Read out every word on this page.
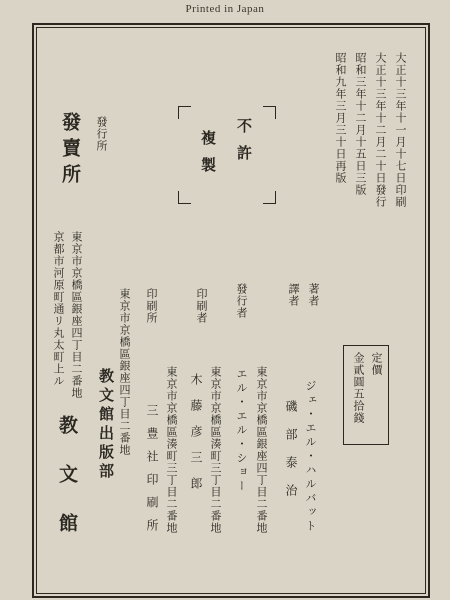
Printed in Japan
大正十三年十一月十七日印刷
大正十三年十二月二十日發行
昭和三年十二月十五日三版
昭和九年三月三十日再版
不許
複製
定價
金貳圓五拾錢
著者
譯者
ジェ・エル・ハルバット
磯部泰治
發行者
東京市京橋區銀座四丁目二番地
エル・エル・ショー
印刷者
東京市京橋區湊町三丁目二番地
木藤彦三郎
印刷所
東京市京橋區湊町三丁目二番地
三豊社印刷所
發行所
東京市京橋區銀座四丁目二番地
教文館出版部
發賣所
東京市京橋區銀座四丁目二番地
京都市河原町通リ丸太町上ル
教文館
